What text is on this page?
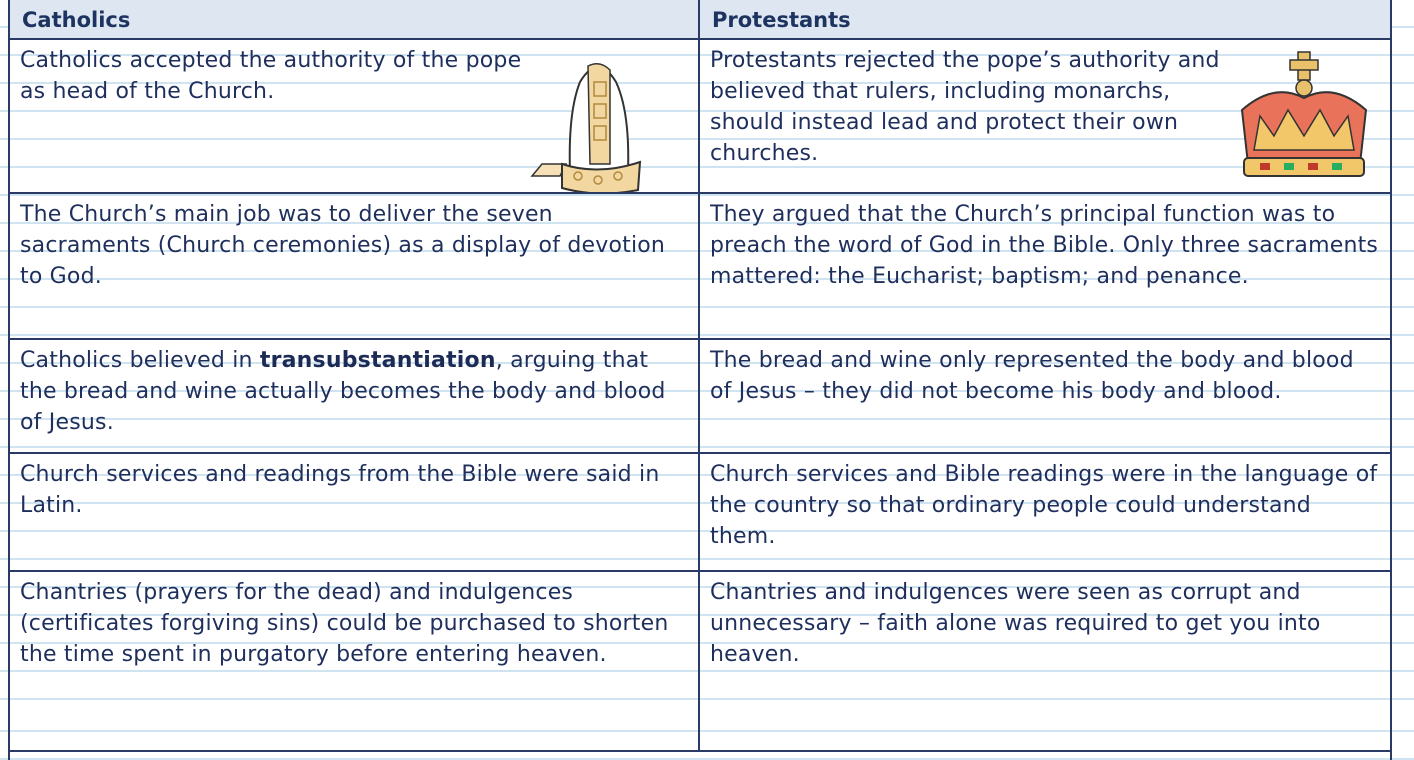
Catholics	Protestants
Catholics accepted the authority of the pope as head of the Church.
Protestants rejected the pope’s authority and believed that rulers, including monarchs, should instead lead and protect their own churches.
The Church’s main job was to deliver the seven sacraments (Church ceremonies) as a display of devotion to God.
They argued that the Church’s principal function was to preach the word of God in the Bible. Only three sacraments mattered: the Eucharist; baptism; and penance.
Catholics believed in transubstantiation, arguing that the bread and wine actually becomes the body and blood of Jesus.
The bread and wine only represented the body and blood of Jesus – they did not become his body and blood.
Church services and readings from the Bible were said in Latin.
Church services and Bible readings were in the language of the country so that ordinary people could understand them.
Chantries (prayers for the dead) and indulgences (certificates forgiving sins) could be purchased to shorten the time spent in purgatory before entering heaven.
Chantries and indulgences were seen as corrupt and unnecessary – faith alone was required to get you into heaven.
